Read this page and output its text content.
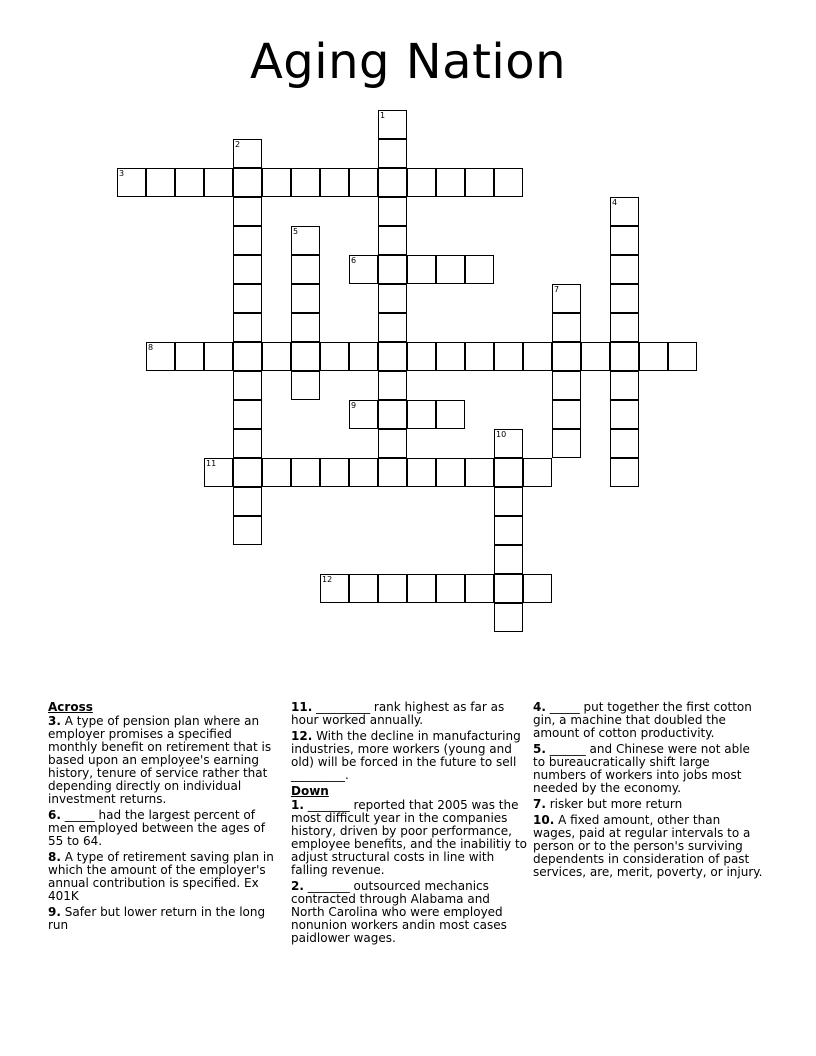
Aging Nation
1
2
3
4
5
6
7
8
9
10
11
12
Across

3. A type of pension plan where an employer promises a specified monthly benefit on retirement that is based upon an employee's earning history, tenure of service rather that depending directly on individual investment returns.

6. _____ had the largest percent of men employed between the ages of 55 to 64.

8. A type of retirement saving plan in which the amount of the employer's annual contribution is specified. Ex 401K

9. Safer but lower return in the long run

11. _________ rank highest as far as hour worked annually.

12. With the decline in manufacturing industries, more workers (young and old) will be forced in the future to sell _________.

Down

1. _______ reported that 2005 was the most difficult year in the companies history, driven by poor performance, employee benefits, and the inabilitiy to adjust structural costs in line with falling revenue.

2. _______ outsourced mechanics contracted through Alabama and North Carolina who were employed nonunion workers andin most cases paidlower wages.

4. _____ put together the first cotton gin, a machine that doubled the amount of cotton productivity.

5. ______ and Chinese were not able to bureaucratically shift large numbers of workers into jobs most needed by the economy.

7. risker but more return

10. A fixed amount, other than wages, paid at regular intervals to a person or to the person's surviving dependents in consideration of past services, are, merit, poverty, or injury.
